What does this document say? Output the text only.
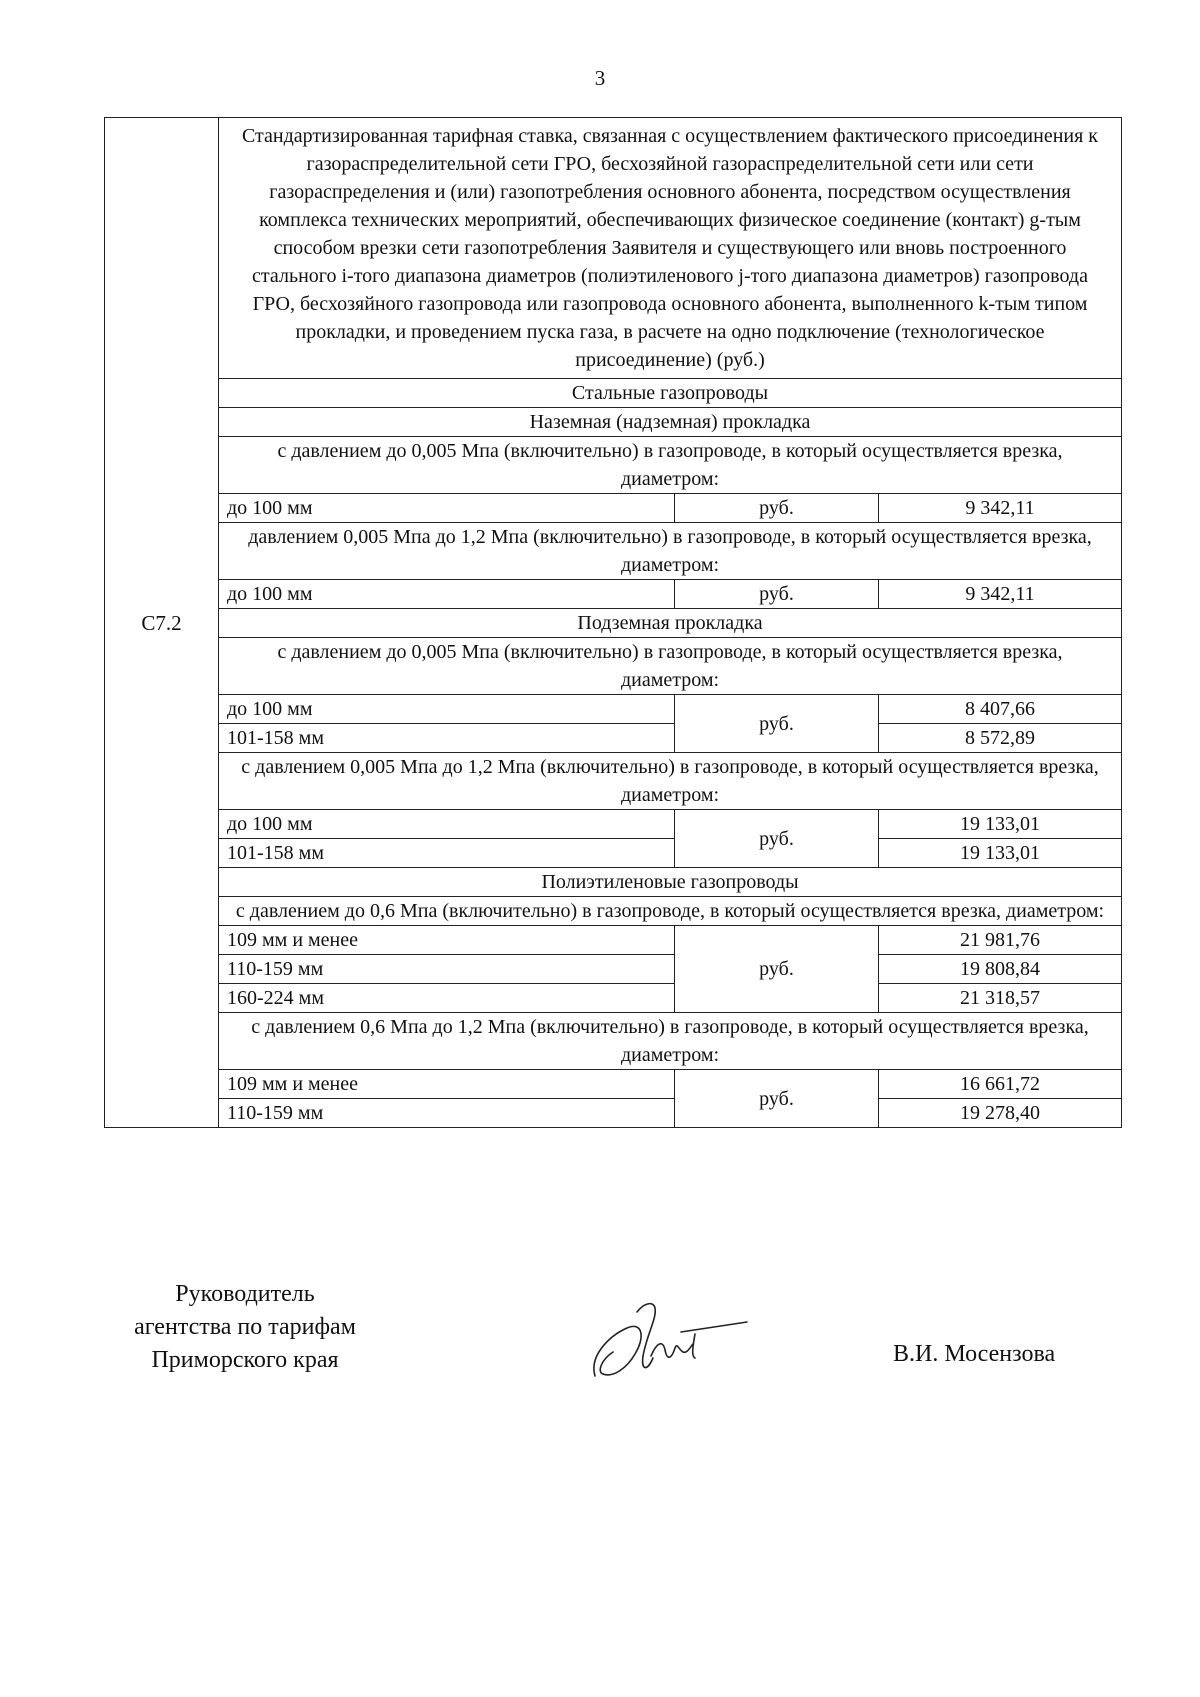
3
С7.2	Стандартизированная тарифная ставка, связанная с осуществлением фактического присоединения к газораспределительной сети ГРО, бесхозяйной газораспределительной сети или сети газораспределения и (или) газопотребления основного абонента, посредством осуществления комплекса технических мероприятий, обеспечивающих физическое соединение (контакт) g-тым способом врезки сети газопотребления Заявителя и существующего или вновь построенного стального i-того диапазона диаметров (полиэтиленового j-того диапазона диаметров) газопровода ГРО, бесхозяйного газопровода или газопровода основного абонента, выполненного k-тым типом прокладки, и проведением пуска газа, в расчете на одно подключение (технологическое присоединение) (руб.)		
	Стальные газопроводы		
	Наземная (надземная) прокладка		
	с давлением до 0,005 Мпа (включительно) в газопроводе, в который осуществляется врезка, диаметром:		
	до 100 мм	руб.	9 342,11
	давлением 0,005 Мпа до 1,2 Мпа (включительно) в газопроводе, в который осуществляется врезка, диаметром:		
	до 100 мм	руб.	9 342,11
	Подземная прокладка		
	с давлением до 0,005 Мпа (включительно) в газопроводе, в который осуществляется врезка, диаметром:		
	до 100 мм	руб.	8 407,66
	101-158 мм		8 572,89
	с давлением 0,005 Мпа до 1,2 Мпа (включительно) в газопроводе, в который осуществляется врезка, диаметром:		
	до 100 мм	руб.	19 133,01
	101-158 мм		19 133,01
	Полиэтиленовые газопроводы		
	с давлением до 0,6 Мпа (включительно) в газопроводе, в который осуществляется врезка, диаметром:		
	109 мм и менее	руб.	21 981,76
	110-159 мм		19 808,84
	160-224 мм		21 318,57
	с давлением 0,6 Мпа до 1,2 Мпа (включительно) в газопроводе, в который осуществляется врезка, диаметром:		
	109 мм и менее	руб.	16 661,72
	110-159 мм		19 278,40
Руководитель
агентства по тарифам
Приморского края	В.И. Мосензова
